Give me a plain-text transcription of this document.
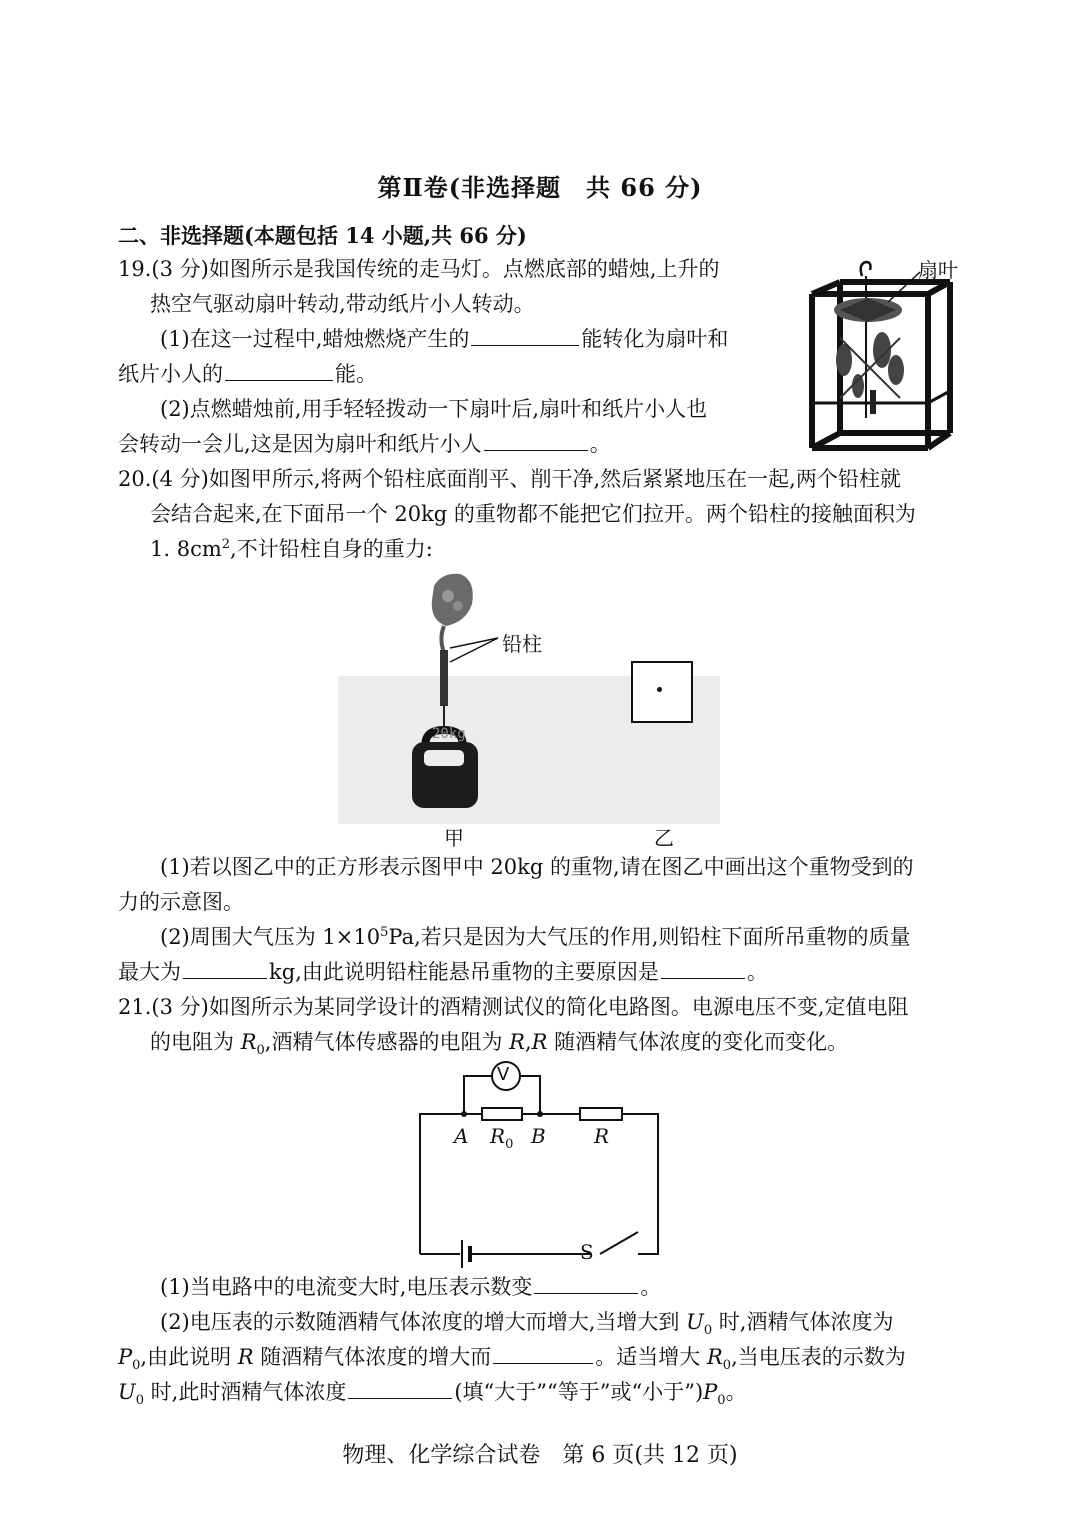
第Ⅱ卷(非选择题　共 66 分)
二、非选择题(本题包括 14 小题,共 66 分)
19.(3 分)如图所示是我国传统的走马灯。点燃底部的蜡烛,上升的
热空气驱动扇叶转动,带动纸片小人转动。
(1)在这一过程中,蜡烛燃烧产生的	能转化为扇叶和
纸片小人的	能。
(2)点燃蜡烛前,用手轻轻拨动一下扇叶后,扇叶和纸片小人也
会转动一会儿,这是因为扇叶和纸片小人	。
扇叶
20.(4 分)如图甲所示,将两个铅柱底面削平、削干净,然后紧紧地压在一起,两个铅柱就
会结合起来,在下面吊一个 20kg 的重物都不能把它们拉开。两个铅柱的接触面积为
1. $8cm^2$,不计铅柱自身的重力:
20kg
铅柱
甲	乙
(1)若以图乙中的正方形表示图甲中 20kg 的重物,请在图乙中画出这个重物受到的
力的示意图。
(2)周围大气压为 $1\times 10^5Pa$,若只是因为大气压的作用,则铅柱下面所吊重物的质量
最大为	kg,由此说明铅柱能悬吊重物的主要原因是	。
21.(3 分)如图所示为某同学设计的酒精测试仪的简化电路图。电源电压不变,定值电阻
的电阻为 $R_0$,酒精气体传感器的电阻为 R,R 随酒精气体浓度的变化而变化。
V
A $R_0$ B R
S
(1)当电路中的电流变大时,电压表示数变	。
(2)电压表的示数随酒精气体浓度的增大而增大,当增大到 $U_0$ 时,酒精气体浓度为
$P_0$,由此说明 R 随酒精气体浓度的增大而	。适当增大 $R_0$,当电压表的示数为
$U_0$ 时,此时酒精气体浓度	(填“大于”“等于”或“小于$”)P_0$。
物理、化学综合试卷　第 6 页(共 12 页)
